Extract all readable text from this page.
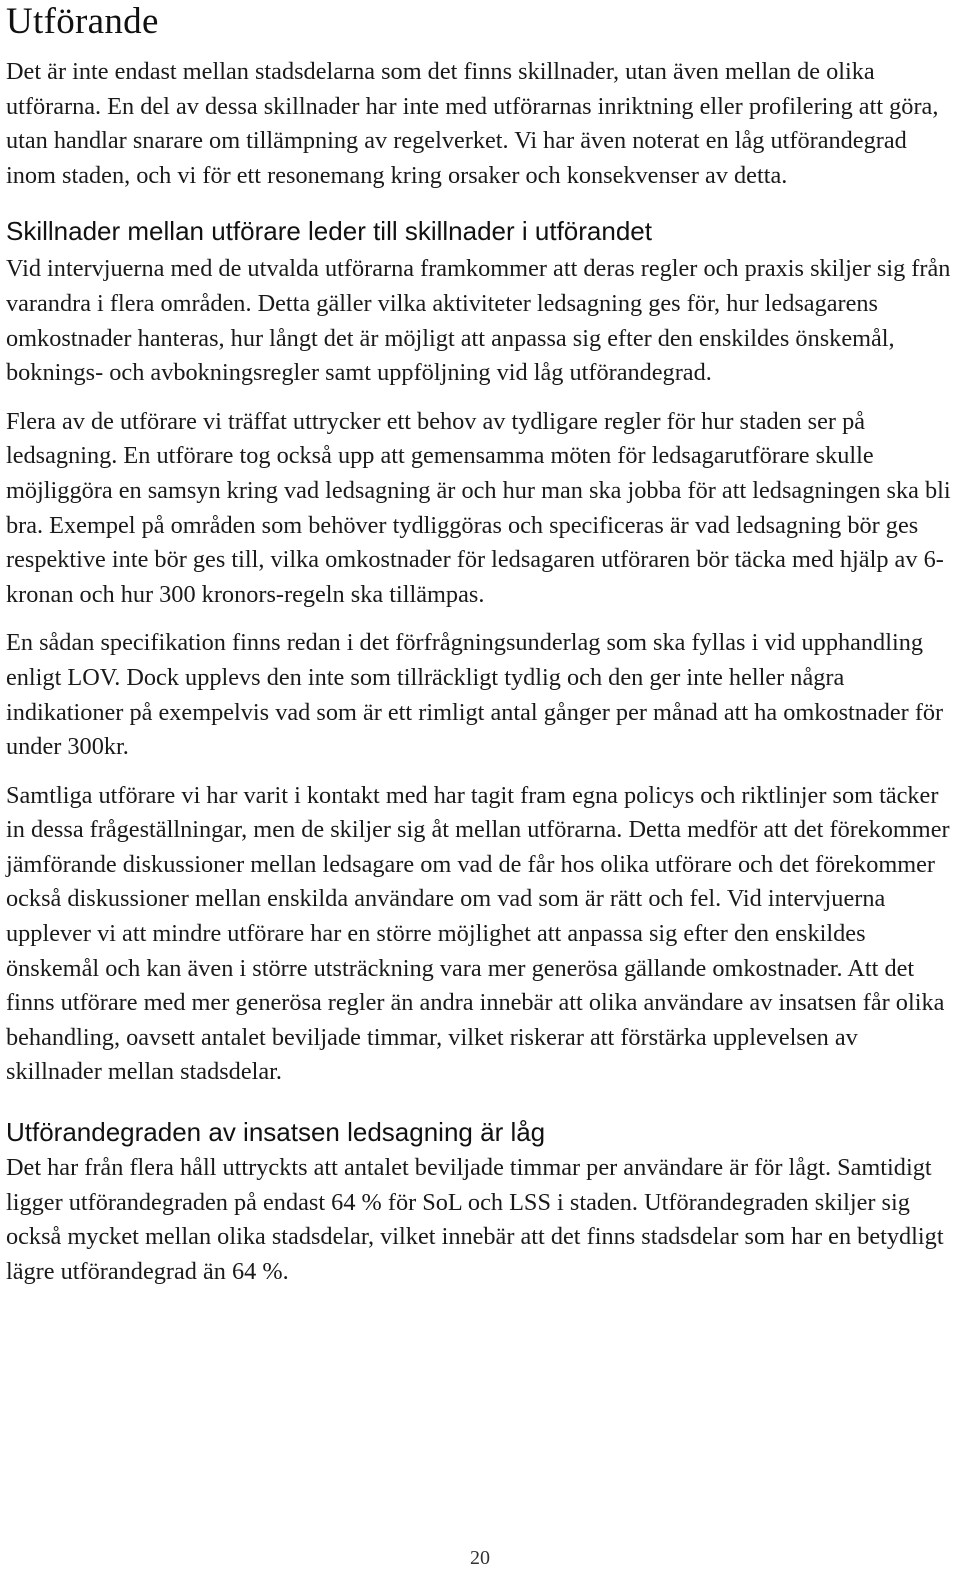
Utförande

Det är inte endast mellan stadsdelarna som det finns skillnader, utan även mellan de olika utförarna. En del av dessa skillnader har inte med utförarnas inriktning eller profilering att göra, utan handlar snarare om tillämpning av regelverket. Vi har även noterat en låg utförandegrad inom staden, och vi för ett resonemang kring orsaker och konsekvenser av detta.

Skillnader mellan utförare leder till skillnader i utförandet

Vid intervjuerna med de utvalda utförarna framkommer att deras regler och praxis skiljer sig från varandra i flera områden. Detta gäller vilka aktiviteter ledsagning ges för, hur ledsagarens omkostnader hanteras, hur långt det är möjligt att anpassa sig efter den enskildes önskemål, boknings- och avbokningsregler samt uppföljning vid låg utförandegrad.

Flera av de utförare vi träffat uttrycker ett behov av tydligare regler för hur staden ser på ledsagning. En utförare tog också upp att gemensamma möten för ledsagarutförare skulle möjliggöra en samsyn kring vad ledsagning är och hur man ska jobba för att ledsagningen ska bli bra. Exempel på områden som behöver tydliggöras och specificeras är vad ledsagning bör ges respektive inte bör ges till, vilka omkostnader för ledsagaren utföraren bör täcka med hjälp av 6-kronan och hur 300 kronors-regeln ska tillämpas.

En sådan specifikation finns redan i det förfrågningsunderlag som ska fyllas i vid upphandling enligt LOV. Dock upplevs den inte som tillräckligt tydlig och den ger inte heller några indikationer på exempelvis vad som är ett rimligt antal gånger per månad att ha omkostnader för under 300kr.

Samtliga utförare vi har varit i kontakt med har tagit fram egna policys och riktlinjer som täcker in dessa frågeställningar, men de skiljer sig åt mellan utförarna. Detta medför att det förekommer jämförande diskussioner mellan ledsagare om vad de får hos olika utförare och det förekommer också diskussioner mellan enskilda användare om vad som är rätt och fel. Vid intervjuerna upplever vi att mindre utförare har en större möjlighet att anpassa sig efter den enskildes önskemål och kan även i större utsträckning vara mer generösa gällande omkostnader. Att det finns utförare med mer generösa regler än andra innebär att olika användare av insatsen får olika behandling, oavsett antalet beviljade timmar, vilket riskerar att förstärka upplevelsen av skillnader mellan stadsdelar.

Utförandegraden av insatsen ledsagning är låg

Det har från flera håll uttryckts att antalet beviljade timmar per användare är för lågt. Samtidigt ligger utförandegraden på endast 64 % för SoL och LSS i staden. Utförandegraden skiljer sig också mycket mellan olika stadsdelar, vilket innebär att det finns stadsdelar som har en betydligt lägre utförandegrad än 64 %.

20
